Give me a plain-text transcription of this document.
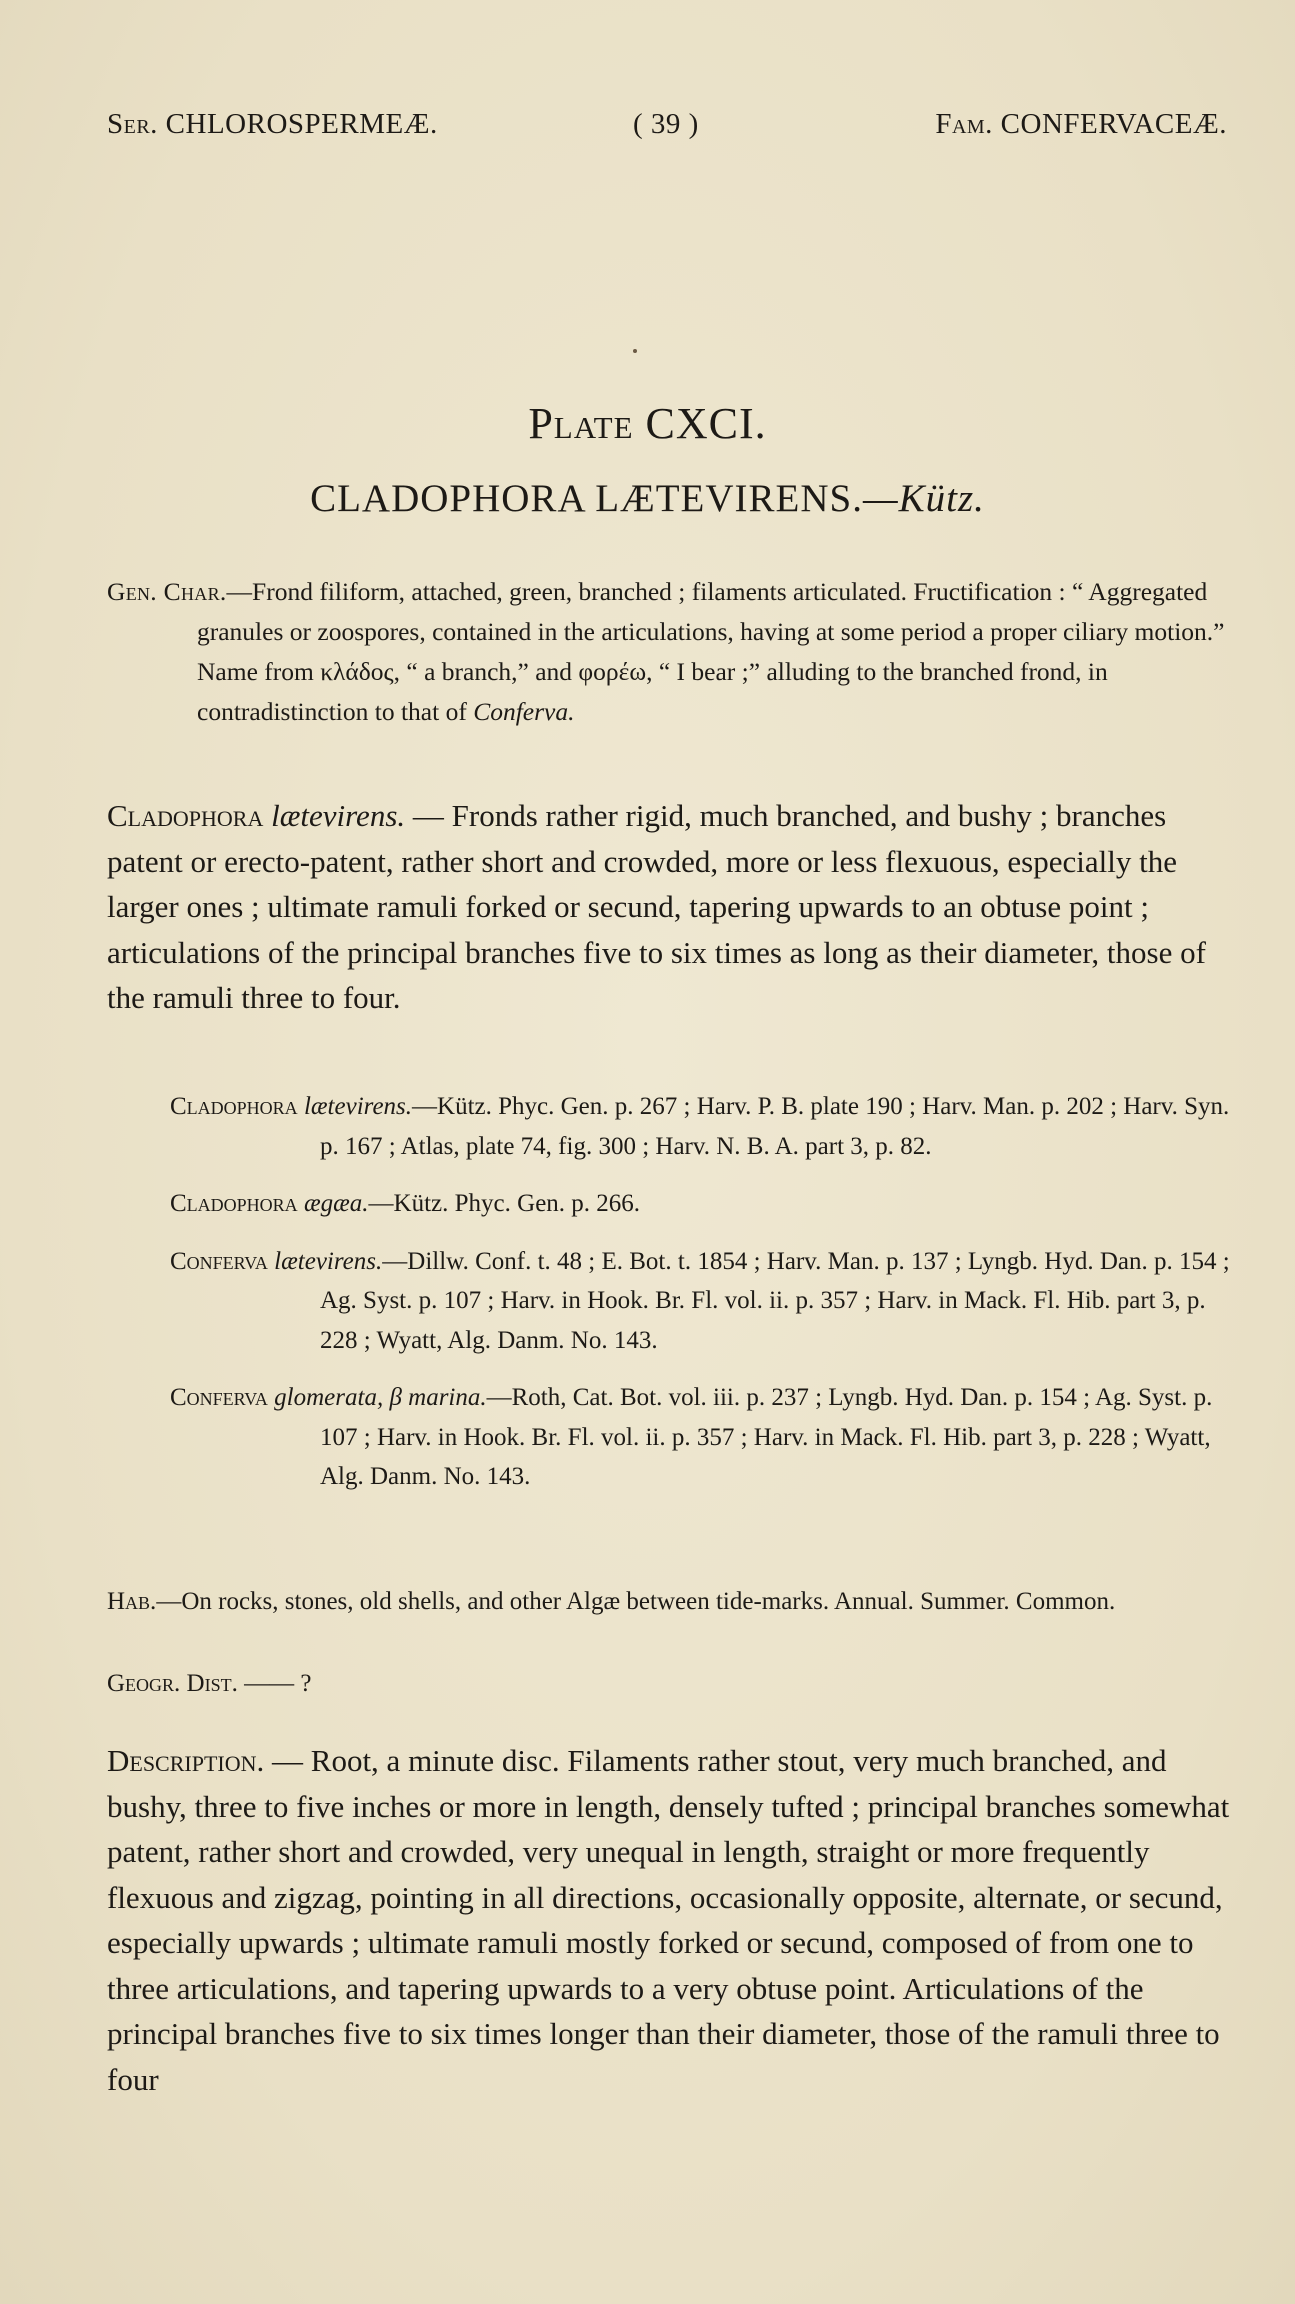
Ser. CHLOROSPERMEÆ.	( 39 )	Fam. CONFERVACEÆ.
Plate CXCI.
CLADOPHORA LÆTEVIRENS.—Kütz.

Gen. Char.—Frond filiform, attached, green, branched ; filaments articulated. Fructification : “ Aggregated granules or zoospores, contained in the articulations, having at some period a proper ciliary motion.” Name from κλάδος, “ a branch,” and φορέω, “ I bear ;” alluding to the branched frond, in contradistinction to that of Conferva.

Cladophora lætevirens. — Fronds rather rigid, much branched, and bushy ; branches patent or erecto-patent, rather short and crowded, more or less flexuous, especially the larger ones ; ultimate ramuli forked or secund, tapering upwards to an obtuse point ; articulations of the principal branches five to six times as long as their diameter, those of the ramuli three to four.

Cladophora lætevirens.—Kütz. Phyc. Gen. p. 267 ; Harv. P. B. plate 190 ; Harv. Man. p. 202 ; Harv. Syn. p. 167 ; Atlas, plate 74, fig. 300 ; Harv. N. B. A. part 3, p. 82.

Cladophora ægæa.—Kütz. Phyc. Gen. p. 266.

Conferva lætevirens.—Dillw. Conf. t. 48 ; E. Bot. t. 1854 ; Harv. Man. p. 137 ; Lyngb. Hyd. Dan. p. 154 ; Ag. Syst. p. 107 ; Harv. in Hook. Br. Fl. vol. ii. p. 357 ; Harv. in Mack. Fl. Hib. part 3, p. 228 ; Wyatt, Alg. Danm. No. 143.

Conferva glomerata, β marina.—Roth, Cat. Bot. vol. iii. p. 237 ; Lyngb. Hyd. Dan. p. 154 ; Ag. Syst. p. 107 ; Harv. in Hook. Br. Fl. vol. ii. p. 357 ; Harv. in Mack. Fl. Hib. part 3, p. 228 ; Wyatt, Alg. Danm. No. 143.

Hab.—On rocks, stones, old shells, and other Algæ between tide-marks. Annual. Summer. Common.
Geogr. Dist. —— ?
Description. — Root, a minute disc. Filaments rather stout, very much branched, and bushy, three to five inches or more in length, densely tufted ; principal branches somewhat patent, rather short and crowded, very unequal in length, straight or more frequently flexuous and zigzag, pointing in all directions, occasionally opposite, alternate, or secund, especially upwards ; ultimate ramuli mostly forked or secund, composed of from one to three articulations, and tapering upwards to a very obtuse point. Articulations of the principal branches five to six times longer than their diameter, those of the ramuli three to four
